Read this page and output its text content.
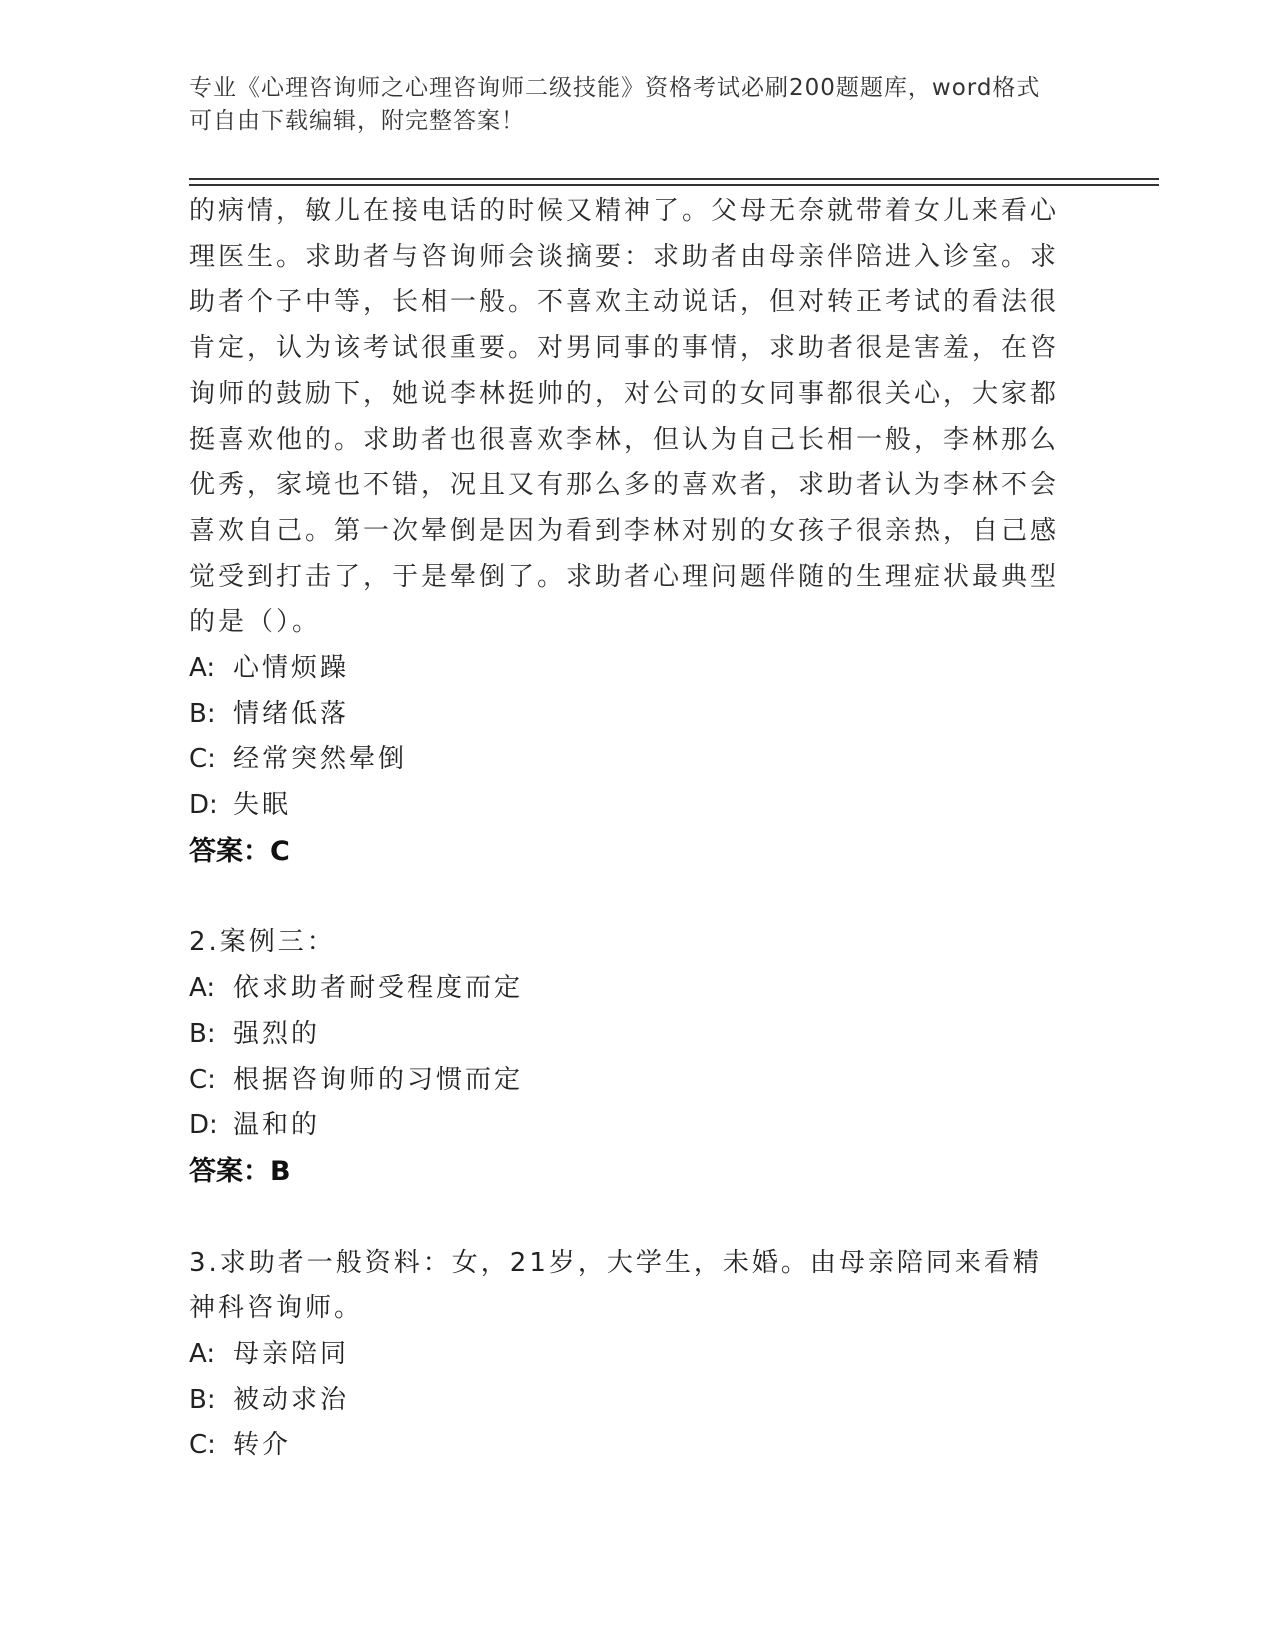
专业《心理咨询师之心理咨询师二级技能》资格考试必刷200题题库，word格式
可自由下载编辑，附完整答案！

的病情，敏儿在接电话的时候又精神了。父母无奈就带着女儿来看心理医生。求助者与咨询师会谈摘要：求助者由母亲伴陪进入诊室。求助者个子中等，长相一般。不喜欢主动说话，但对转正考试的看法很肯定，认为该考试很重要。对男同事的事情，求助者很是害羞，在咨询师的鼓励下，她说李林挺帅的，对公司的女同事都很关心，大家都挺喜欢他的。求助者也很喜欢李林，但认为自己长相一般，李林那么优秀，家境也不错，况且又有那么多的喜欢者，求助者认为李林不会喜欢自己。第一次晕倒是因为看到李林对别的女孩子很亲热，自己感觉受到打击了，于是晕倒了。求助者心理问题伴随的生理症状最典型的是（）。

A: 心情烦躁
B: 情绪低落
C: 经常突然晕倒
D: 失眠
答案：C

2.案例三：

A: 依求助者耐受程度而定
B: 强烈的
C: 根据咨询师的习惯而定
D: 温和的
答案：B

3.求助者一般资料：女，21岁，大学生，未婚。由母亲陪同来看精神科咨询师。

A: 母亲陪同
B: 被动求治
C: 转介
